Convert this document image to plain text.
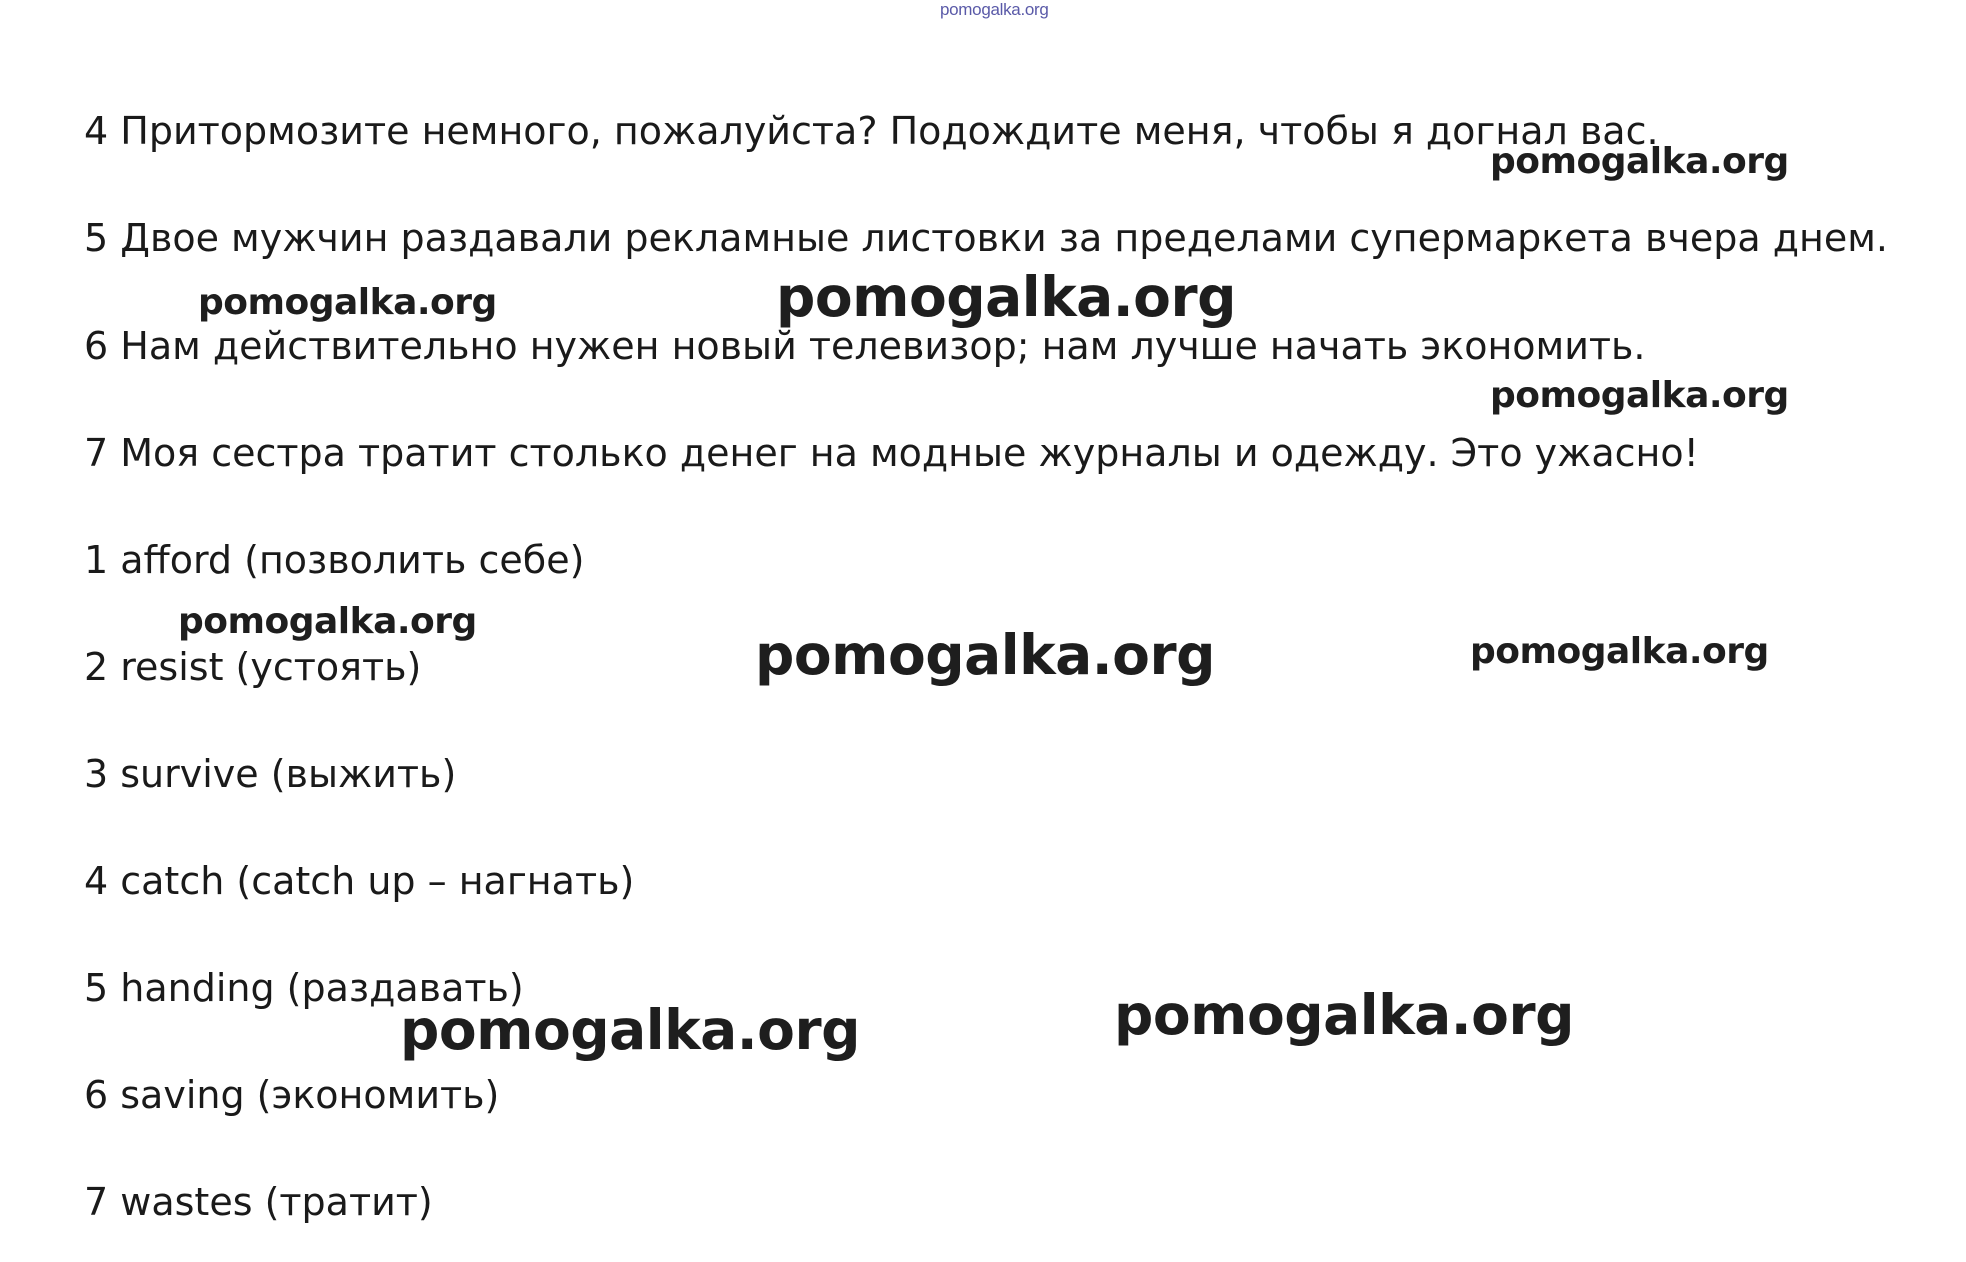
pomogalka.org
4 Притормозите немного, пожалуйста? Подождите меня, чтобы я догнал вас.
5 Двое мужчин раздавали рекламные листовки за пределами супермаркета вчера днем.
6 Нам действительно нужен новый телевизор; нам лучше начать экономить.
7 Моя сестра тратит столько денег на модные журналы и одежду. Это ужасно!
1 afford (позволить себе)
2 resist (устоять)
3 survive (выжить)
4 catch (catch up – нагнать)
5 handing (раздавать)
6 saving (экономить)
7 wastes (тратит)
pomogalka.org
pomogalka.org	pomogalka.org
pomogalka.org
pomogalka.org
pomogalka.org	pomogalka.org
pomogalka.org
pomogalka.org
